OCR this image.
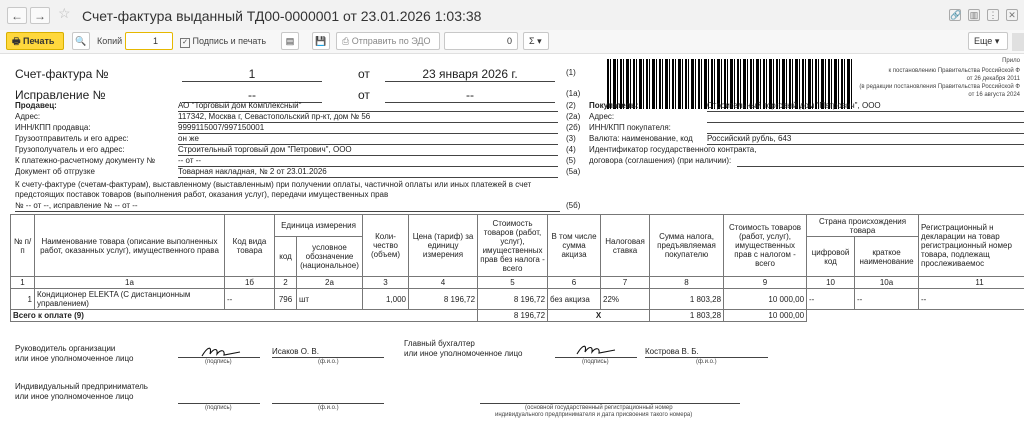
← → ☆ Счет-фактура выданный ТД00-0000001 от 23.01.2026 1:03:38	🔗 ▥ ⋮ ✕
🖶 Печать	🔍	Копий	1	✓ Подпись и печать	▤	💾	⎙ Отправить по ЭДО	0	Σ ▾	Еще ▾
Счет-фактура №	1	от	23 января 2026 г.	(1)
Исправление №	--	от	--	(1а)
Прило
к постановлению Правительства Российской Ф
от 26 декабря 2011
(в редакции постановления Правительства Российской Ф
от 16 августа 2024
Продавец:	АО "Торговый дом Комплексный"	(2)
Адрес:	117342, Москва г, Севастопольский пр-кт, дом № 56	(2а)
ИНН/КПП продавца:	9999115007/997150001	(2б)
Грузоотправитель и его адрес:	он же	(3)
Грузополучатель и его адрес:	Строительный торговый дом "Петрович", ООО	(4)
К платежно-расчетному документу №	-- от --	(5)
Документ об отгрузке	Товарная накладная, № 2 от 23.01.2026	(5а)
Покупатель:	Строительный торговый дом "Петрович", ООО
Адрес:
ИНН/КПП покупателя:
Валюта: наименование, код Российский рубль, 643
Идентификатор государственного контракта,
договора (соглашения) (при наличии):
К счету-фактуре (счетам-фактурам), выставленному (выставленным) при получении оплаты, частичной оплаты или иных платежей в счет
предстоящих поставок товаров (выполнения работ, оказания услуг), передачи имущественных прав
№ -- от --, исправление № -- от --	(5б)
№ п/п	Наименование товара (описание выполненных работ, оказанных услуг), имущественного права	Код вида товара	Единица измерения		Коли-чество (объем)	Цена (тариф) за единицу измерения	Стоимость товаров (работ, услуг), имущественных прав без налога - всего	В том числе сумма акциза	Налоговая ставка	Сумма налога, предъявляемая покупателю	Стоимость товаров (работ, услуг), имущественных прав с налогом - всего	Страна происхождения товара		Регистрационный н декларации на товар регистрационный номер товара, подлежащ прослеживаемос
			код	условное обозначение (национальное)								цифровой код	краткое наименование	
1	1а	1б	2	2а	3	4	5	6	7	8	9	10	10а	11
1	Кондиционер ELEKTA (С дистанционным управлением)	--	796	шт	1,000	8 196,72	8 196,72	без акциза	22%	1 803,28	10 000,00	--	--	--
Всего к оплате (9)							8 196,72	X		1 803,28	10 000,00			
Руководитель организации
или иное уполномоченное лицо	(подпись)
Исаков О. В.
(ф.и.о.)
Главный бухгалтер
или иное уполномоченное лицо
(подпись)
Кострова В. Б.
(ф.и.о.)
Индивидуальный предприниматель
или иное уполномоченное лицо
(подпись)	(ф.и.о.)	(основной государственный регистрационный номер
индивидуального предпринимателя и дата присвоения такого номера)
